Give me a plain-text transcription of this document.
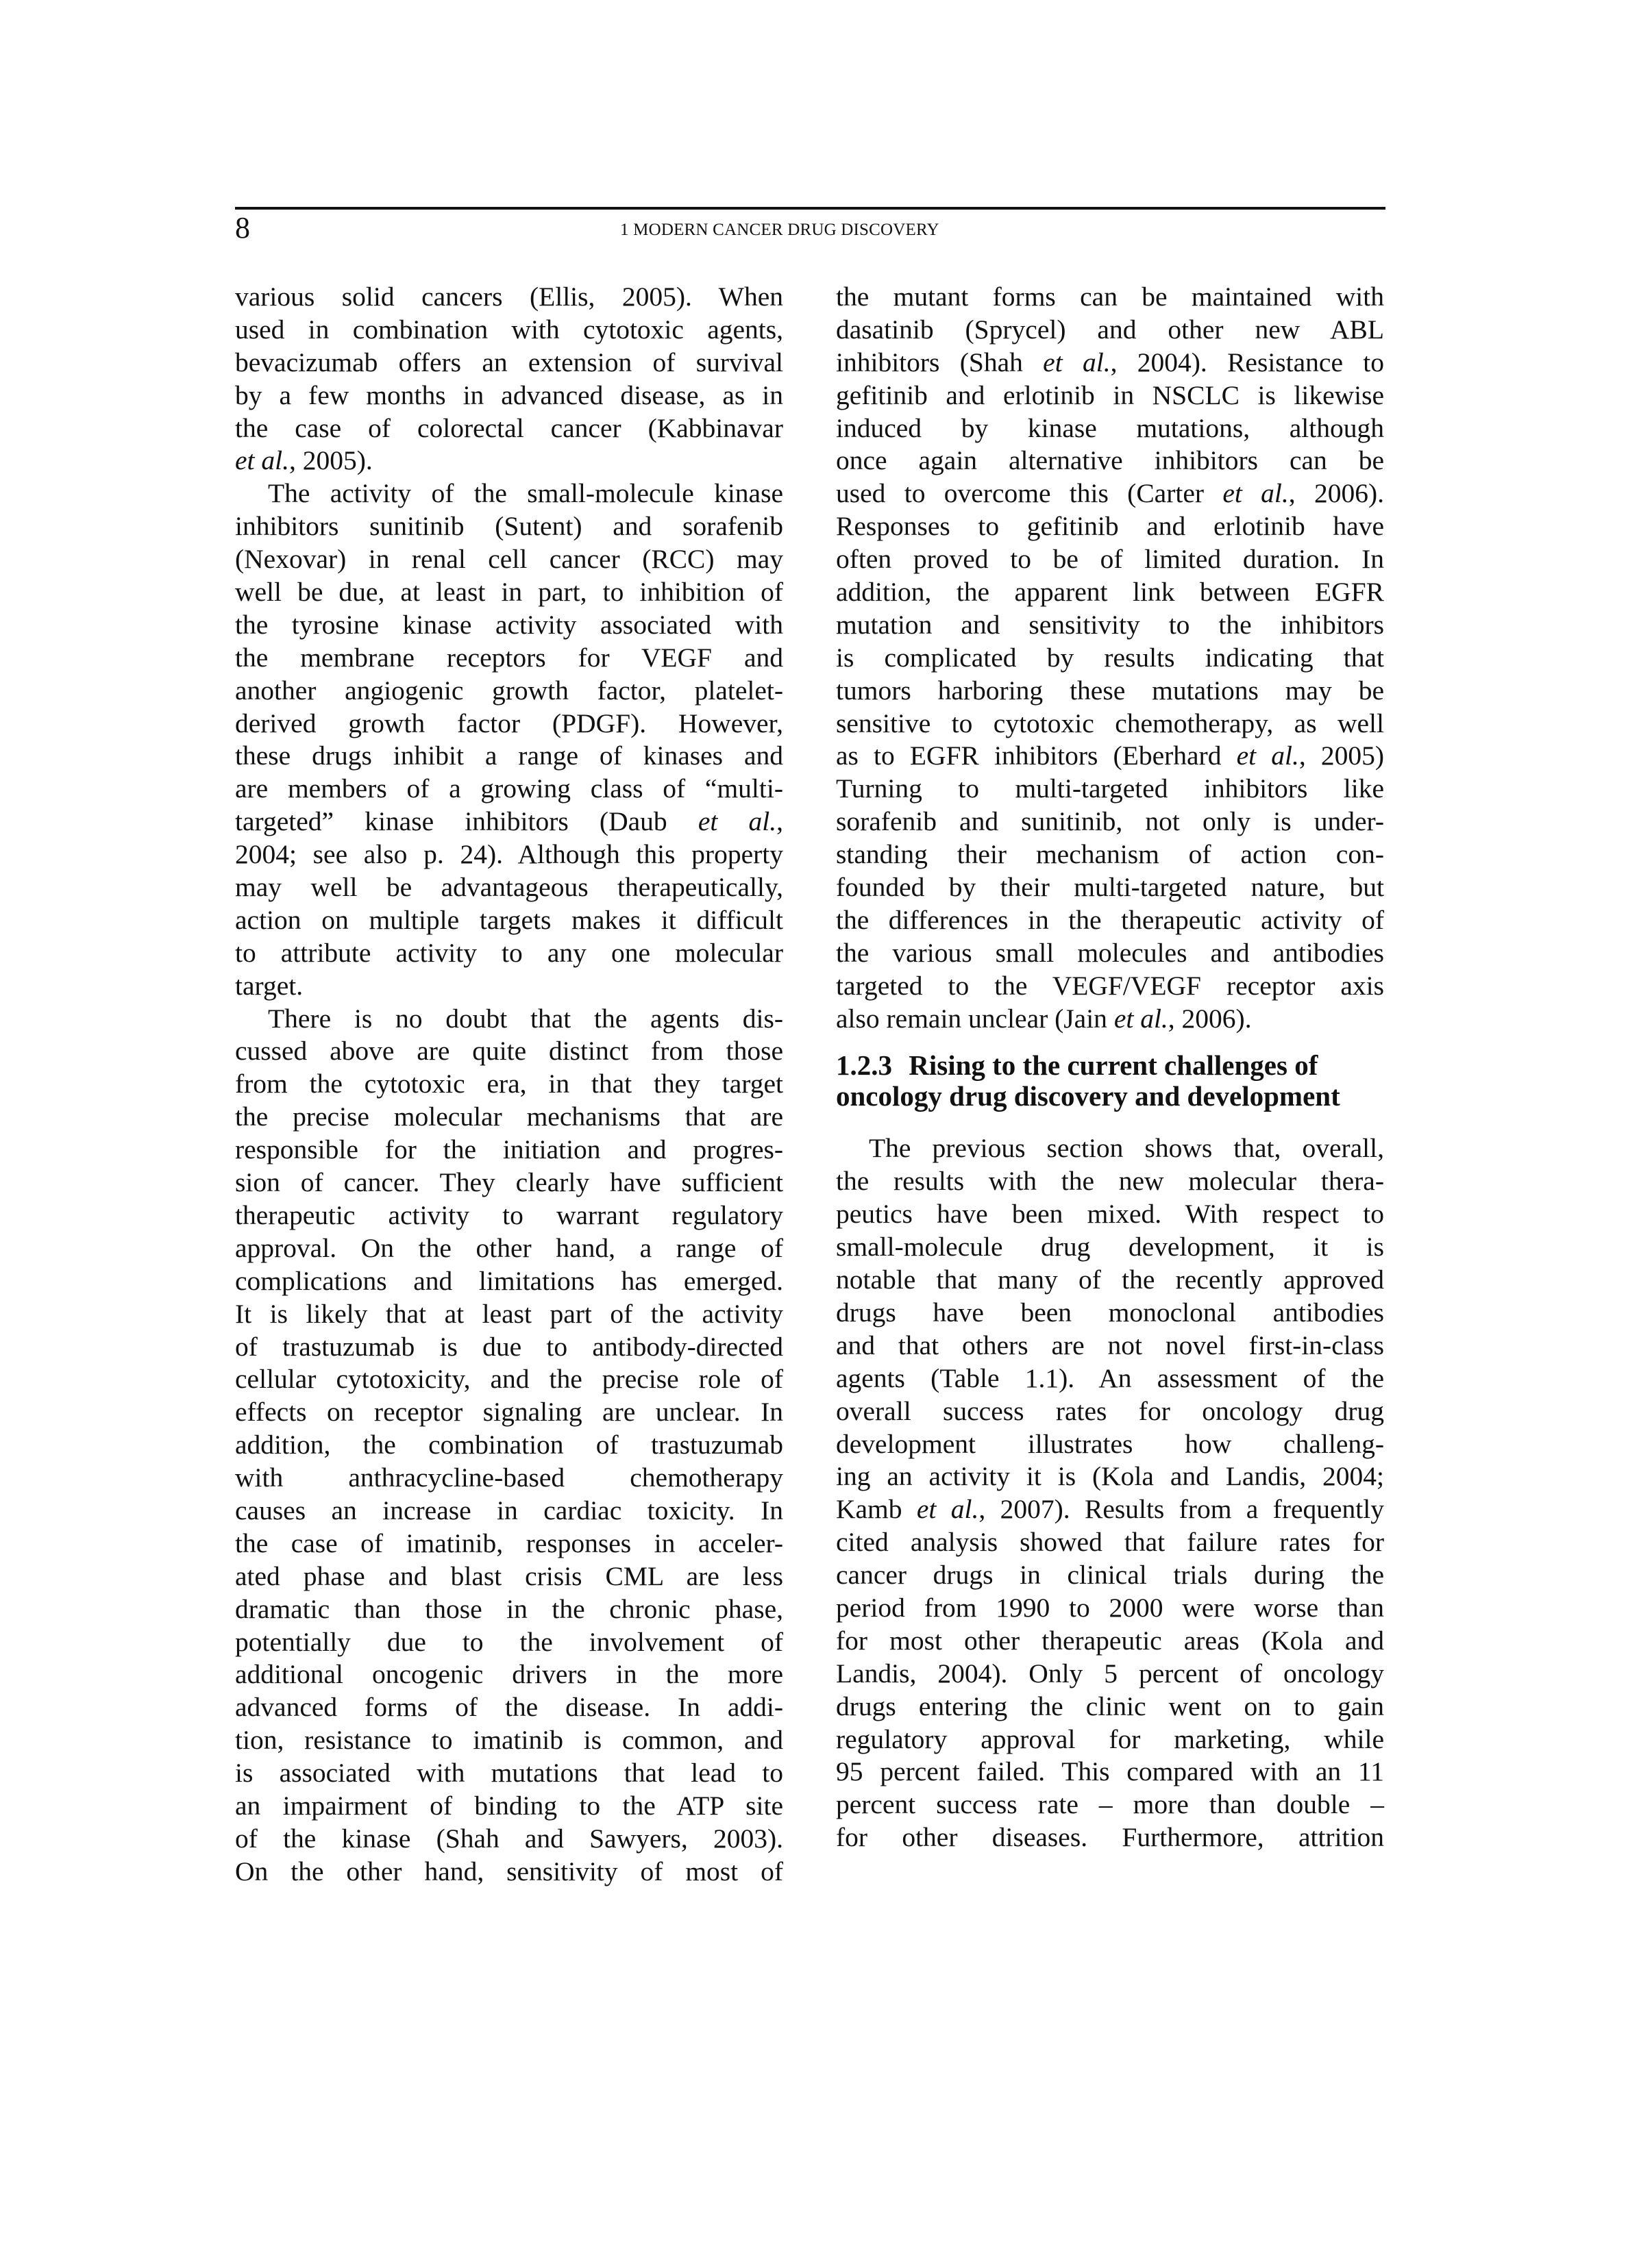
8	1 MODERN CANCER DRUG DISCOVERY
various solid cancers (Ellis, 2005). When
used in combination with cytotoxic agents,
bevacizumab offers an extension of survival
by a few months in advanced disease, as in
the case of colorectal cancer (Kabbinavar
et al., 2005).
The activity of the small-molecule kinase
inhibitors sunitinib (Sutent) and sorafenib
(Nexovar) in renal cell cancer (RCC) may
well be due, at least in part, to inhibition of
the tyrosine kinase activity associated with
the membrane receptors for VEGF and
another angiogenic growth factor, platelet-
derived growth factor (PDGF). However,
these drugs inhibit a range of kinases and
are members of a growing class of “multi-
targeted” kinase inhibitors (Daub et al.,
2004; see also p. 24). Although this property
may well be advantageous therapeutically,
action on multiple targets makes it difficult
to attribute activity to any one molecular
target.
There is no doubt that the agents dis-
cussed above are quite distinct from those
from the cytotoxic era, in that they target
the precise molecular mechanisms that are
responsible for the initiation and progres-
sion of cancer. They clearly have sufficient
therapeutic activity to warrant regulatory
approval. On the other hand, a range of
complications and limitations has emerged.
It is likely that at least part of the activity
of trastuzumab is due to antibody-directed
cellular cytotoxicity, and the precise role of
effects on receptor signaling are unclear. In
addition, the combination of trastuzumab
with anthracycline-based chemotherapy
causes an increase in cardiac toxicity. In
the case of imatinib, responses in acceler-
ated phase and blast crisis CML are less
dramatic than those in the chronic phase,
potentially due to the involvement of
additional oncogenic drivers in the more
advanced forms of the disease. In addi-
tion, resistance to imatinib is common, and
is associated with mutations that lead to
an impairment of binding to the ATP site
of the kinase (Shah and Sawyers, 2003).
On the other hand, sensitivity of most of
the mutant forms can be maintained with
dasatinib (Sprycel) and other new ABL
inhibitors (Shah et al., 2004). Resistance to
gefitinib and erlotinib in NSCLC is likewise
induced by kinase mutations, although
once again alternative inhibitors can be
used to overcome this (Carter et al., 2006).
Responses to gefitinib and erlotinib have
often proved to be of limited duration. In
addition, the apparent link between EGFR
mutation and sensitivity to the inhibitors
is complicated by results indicating that
tumors harboring these mutations may be
sensitive to cytotoxic chemotherapy, as well
as to EGFR inhibitors (Eberhard et al., 2005)
Turning to multi-targeted inhibitors like
sorafenib and sunitinib, not only is under-
standing their mechanism of action con-
founded by their multi-targeted nature, but
the differences in the therapeutic activity of
the various small molecules and antibodies
targeted to the VEGF/VEGF receptor axis
also remain unclear (Jain et al., 2006).
1.2.3 Rising to the current challenges of
oncology drug discovery and development
The previous section shows that, overall,
the results with the new molecular thera-
peutics have been mixed. With respect to
small-molecule drug development, it is
notable that many of the recently approved
drugs have been monoclonal antibodies
and that others are not novel first-in-class
agents (Table 1.1). An assessment of the
overall success rates for oncology drug
development illustrates how challeng-
ing an activity it is (Kola and Landis, 2004;
Kamb et al., 2007). Results from a frequently
cited analysis showed that failure rates for
cancer drugs in clinical trials during the
period from 1990 to 2000 were worse than
for most other therapeutic areas (Kola and
Landis, 2004). Only 5 percent of oncology
drugs entering the clinic went on to gain
regulatory approval for marketing, while
95 percent failed. This compared with an 11
percent success rate – more than double –
for other diseases. Furthermore, attrition
